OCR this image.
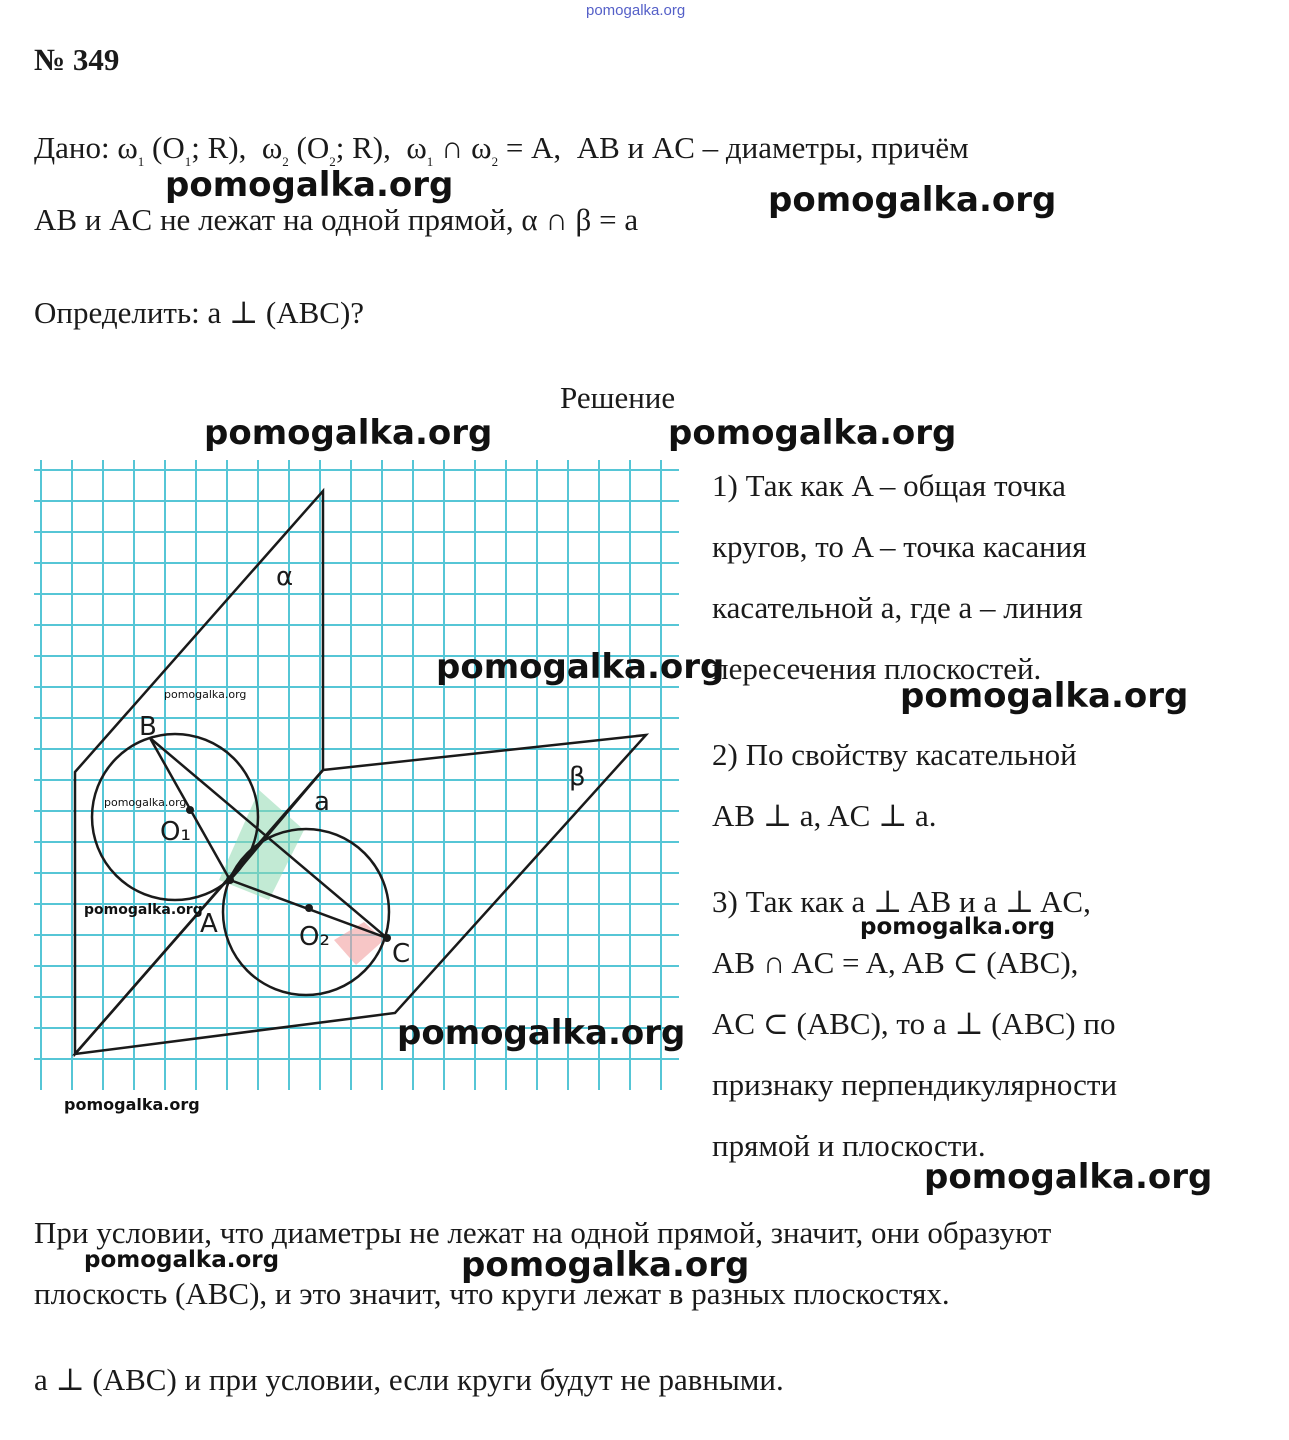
pomogalka.org
№ 349
Дано: $\omega_1$ ($O_1$; R), $\omega_2$ ($O_2$; R), $\omega_1$ ∩ $\omega_2 = A$, AB и AC – диаметры, причём
AB и AC не лежат на одной прямой, α ∩ β = a
Определить: a ⊥ (ABC)?
Решение
α
β
a
B
A
C
O₁
O₂
pomogalka.org
pomogalka.org
pomogalka.org
1) Так как A – общая точка
кругов, то A – точка касания
касательной a, где a – линия
пересечения плоскостей.
2) По свойству касательной
AB ⊥ a, AC ⊥ a.
3) Так как a ⊥ AB и a ⊥ AC,
AB ∩ AC = A, AB ⊂ (ABC),
AC ⊂ (ABC), то a ⊥ (ABC) по
признаку перпендикулярности
прямой и плоскости.
При условии, что диаметры не лежат на одной прямой, значит, они образуют
плоскость (ABC), и это значит, что круги лежат в разных плоскостях.
a ⊥ (ABC) и при условии, если круги будут не равными.
pomogalka.org	pomogalka.org
pomogalka.org	pomogalka.org
pomogalka.org
pomogalka.org
pomogalka.org
pomogalka.org
pomogalka.org
pomogalka.org
pomogalka.org	pomogalka.org
